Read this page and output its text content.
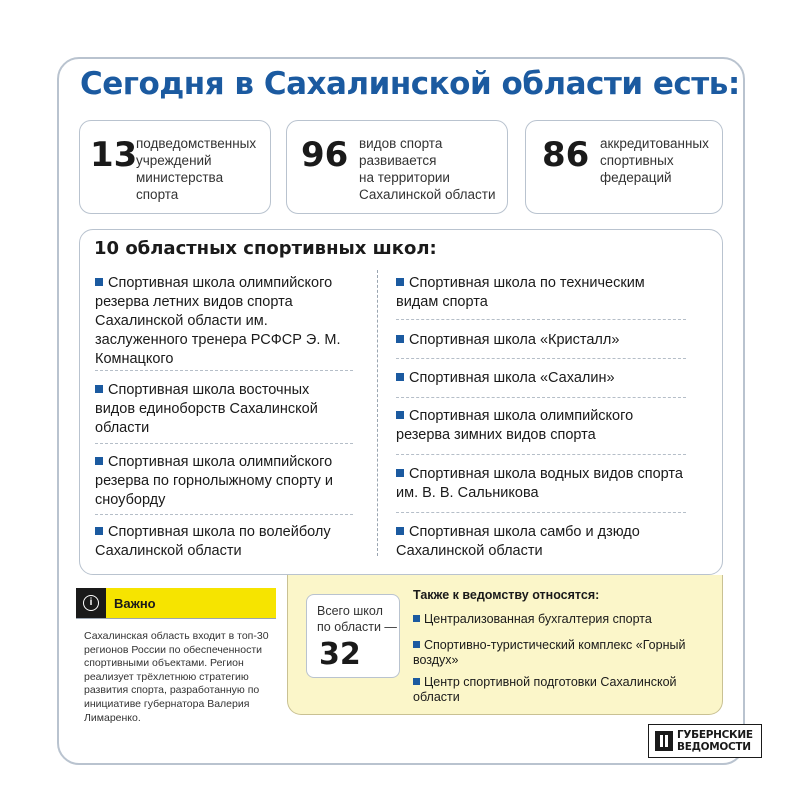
Сегодня в Сахалинской области есть:
13
подведомственных
учреждений
министерства
спорта
96 видов спорта
развивается
на территории
Сахалинской области
86 аккредитованных
спортивных
федераций
10 областных спортивных школ:
Спортивная школа олимпийского
резерва летних видов спорта
Сахалинской области им.
заслуженного тренера РСФСР Э. М.
Комнацкого
Спортивная школа восточных
видов единоборств Сахалинской
области
Спортивная школа олимпийского
резерва по горнолыжному спорту и
сноуборду
Спортивная школа по волейболу
Сахалинской области
Спортивная школа по техническим
видам спорта
Спортивная школа «Кристалл»
Спортивная школа «Сахалин»
Спортивная школа олимпийского
резерва зимних видов спорта
Спортивная школа водных видов спорта
им. В. В. Сальникова
Спортивная школа самбо и дзюдо
Сахалинской области
i	Важно
Сахалинская область входит в топ-30
регионов России по обеспеченности
спортивными объектами. Регион
реализует трёхлетнюю стратегию
развития спорта, разработанную по
инициативе губернатора Валерия
Лимаренко.
Всего школ
по области —
32
Также к ведомству относятся:
Централизованная бухгалтерия спорта
Спортивно-туристический комплекс «Горный
воздух»
Центр спортивной подготовки Сахалинской
области
ГУБЕРНСКИЕ
ВЕДОМОСТИ
